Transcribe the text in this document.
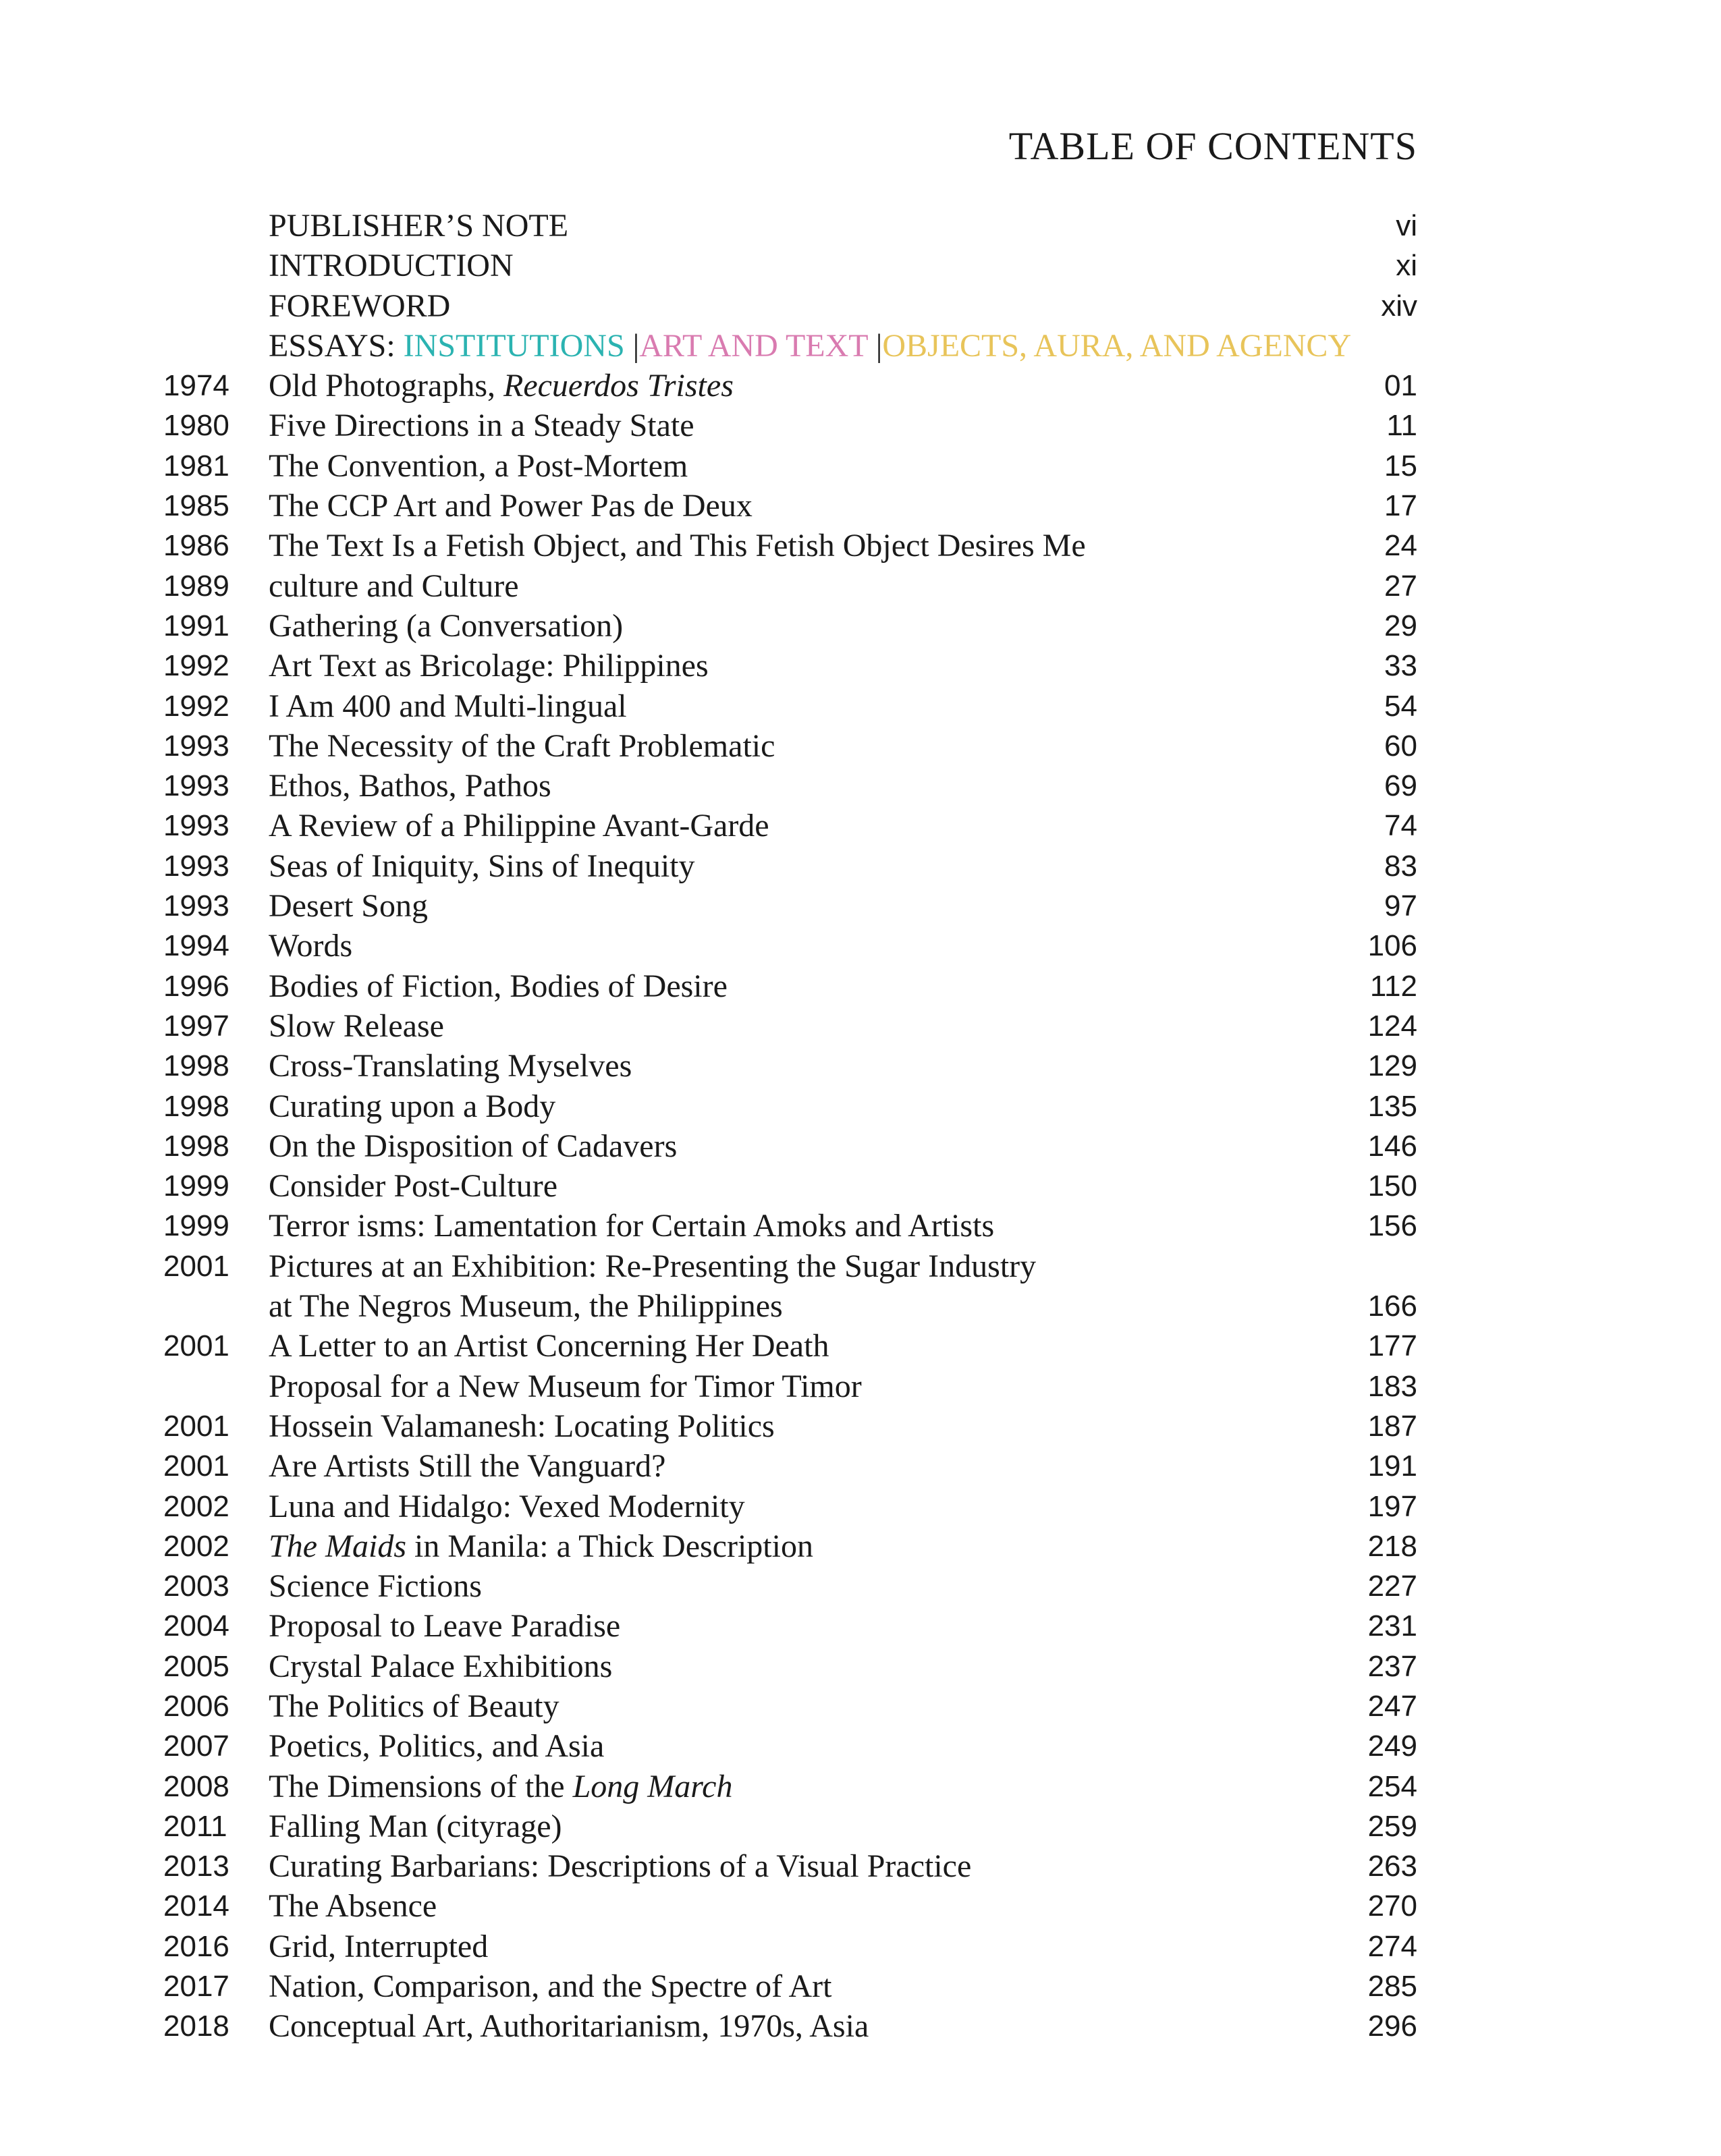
TABLE OF CONTENTS
PUBLISHER’S NOTE	vi
INTRODUCTION	xi
FOREWORD	xiv
ESSAYS: INSTITUTIONS |ART AND TEXT |OBJECTS, AURA, AND AGENCY
1974 Old Photographs, Recuerdos Tristes	01
1980 Five Directions in a Steady State	11
1981 The Convention, a Post-Mortem	15
1985 The CCP Art and Power Pas de Deux	17
1986 The Text Is a Fetish Object, and This Fetish Object Desires Me	24
1989 culture and Culture	27
1991 Gathering (a Conversation)	29
1992 Art Text as Bricolage: Philippines	33
1992 I Am 400 and Multi-lingual	54
1993 The Necessity of the Craft Problematic	60
1993 Ethos, Bathos, Pathos	69
1993 A Review of a Philippine Avant-Garde	74
1993 Seas of Iniquity, Sins of Inequity	83
1993 Desert Song	97
1994 Words	106
1996 Bodies of Fiction, Bodies of Desire	112
1997 Slow Release	124
1998 Cross-Translating Myselves	129
1998 Curating upon a Body	135
1998 On the Disposition of Cadavers	146
1999 Consider Post-Culture	150
1999 Terror isms: Lamentation for Certain Amoks and Artists	156
2001 Pictures at an Exhibition: Re-Presenting the Sugar Industry
at The Negros Museum, the Philippines	166
2001 A Letter to an Artist Concerning Her Death	177
Proposal for a New Museum for Timor Timor	183
2001 Hossein Valamanesh: Locating Politics	187
2001 Are Artists Still the Vanguard?	191
2002 Luna and Hidalgo: Vexed Modernity	197
2002 The Maids in Manila: a Thick Description	218
2003 Science Fictions	227
2004 Proposal to Leave Paradise	231
2005 Crystal Palace Exhibitions	237
2006 The Politics of Beauty	247
2007 Poetics, Politics, and Asia	249
2008 The Dimensions of the Long March	254
2011 Falling Man (cityrage)	259
2013 Curating Barbarians: Descriptions of a Visual Practice	263
2014 The Absence	270
2016 Grid, Interrupted	274
2017 Nation, Comparison, and the Spectre of Art	285
2018 Conceptual Art, Authoritarianism, 1970s, Asia	296
